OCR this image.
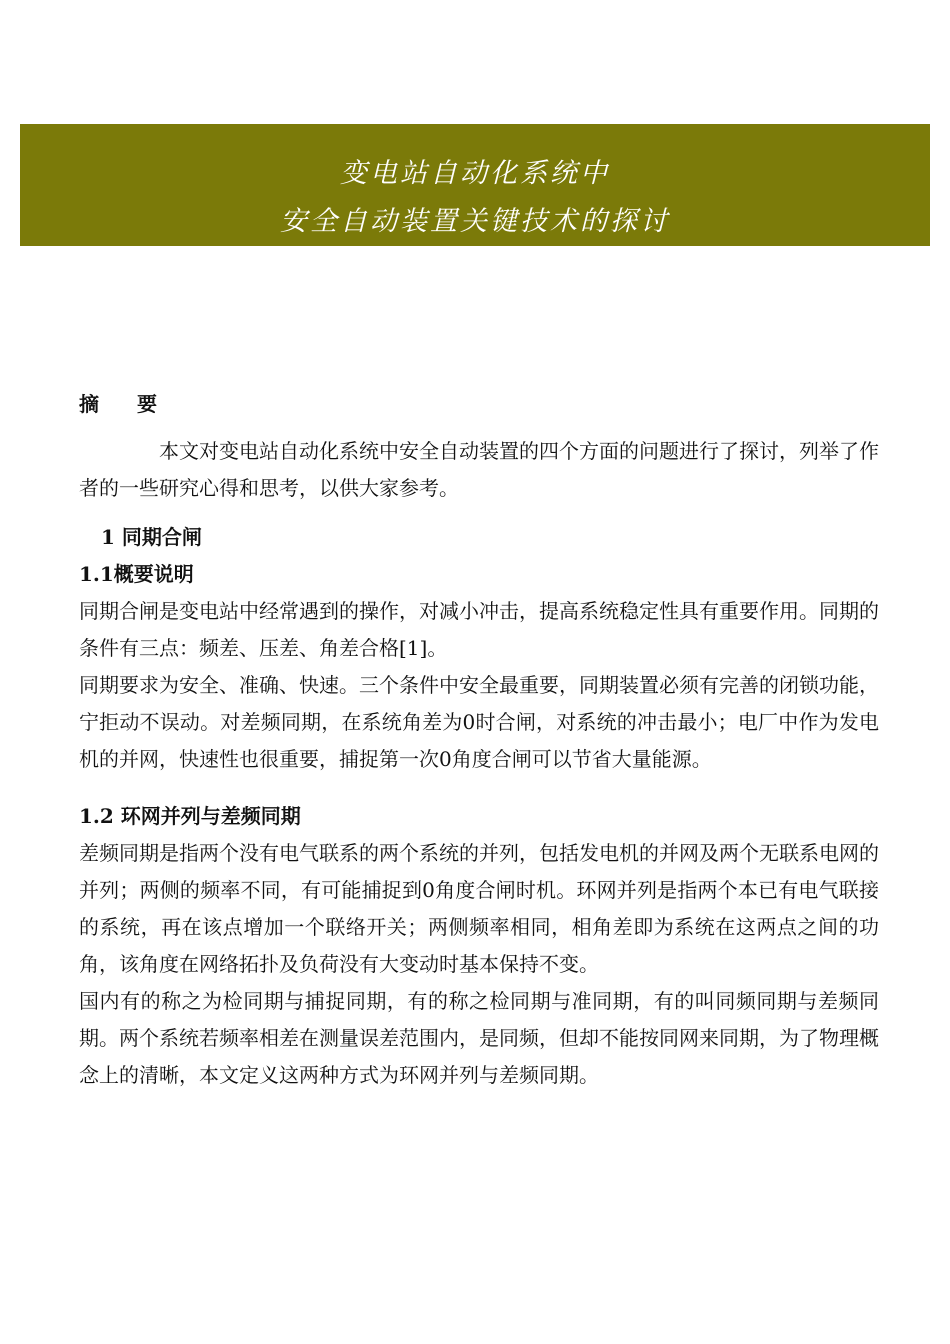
变电站自动化系统中
安全自动装置关键技术的探讨

摘 要

本文对变电站自动化系统中安全自动装置的四个方面的问题进行了探讨，列举了作者的一些研究心得和思考，以供大家参考。

1 同期合闸

1.1概要说明

同期合闸是变电站中经常遇到的操作，对减小冲击，提高系统稳定性具有重要作用。同期的条件有三点：频差、压差、角差合格[1]。

同期要求为安全、准确、快速。三个条件中安全最重要，同期装置必须有完善的闭锁功能，宁拒动不误动。对差频同期，在系统角差为0时合闸，对系统的冲击最小；电厂中作为发电机的并网，快速性也很重要，捕捉第一次0角度合闸可以节省大量能源。

1.2 环网并列与差频同期

差频同期是指两个没有电气联系的两个系统的并列，包括发电机的并网及两个无联系电网的并列；两侧的频率不同，有可能捕捉到0角度合闸时机。环网并列是指两个本已有电气联接的系统，再在该点增加一个联络开关；两侧频率相同，相角差即为系统在这两点之间的功角，该角度在网络拓扑及负荷没有大变动时基本保持不变。

国内有的称之为检同期与捕捉同期，有的称之检同期与准同期，有的叫同频同期与差频同期。两个系统若频率相差在测量误差范围内，是同频，但却不能按同网来同期，为了物理概念上的清晰，本文定义这两种方式为环网并列与差频同期。
